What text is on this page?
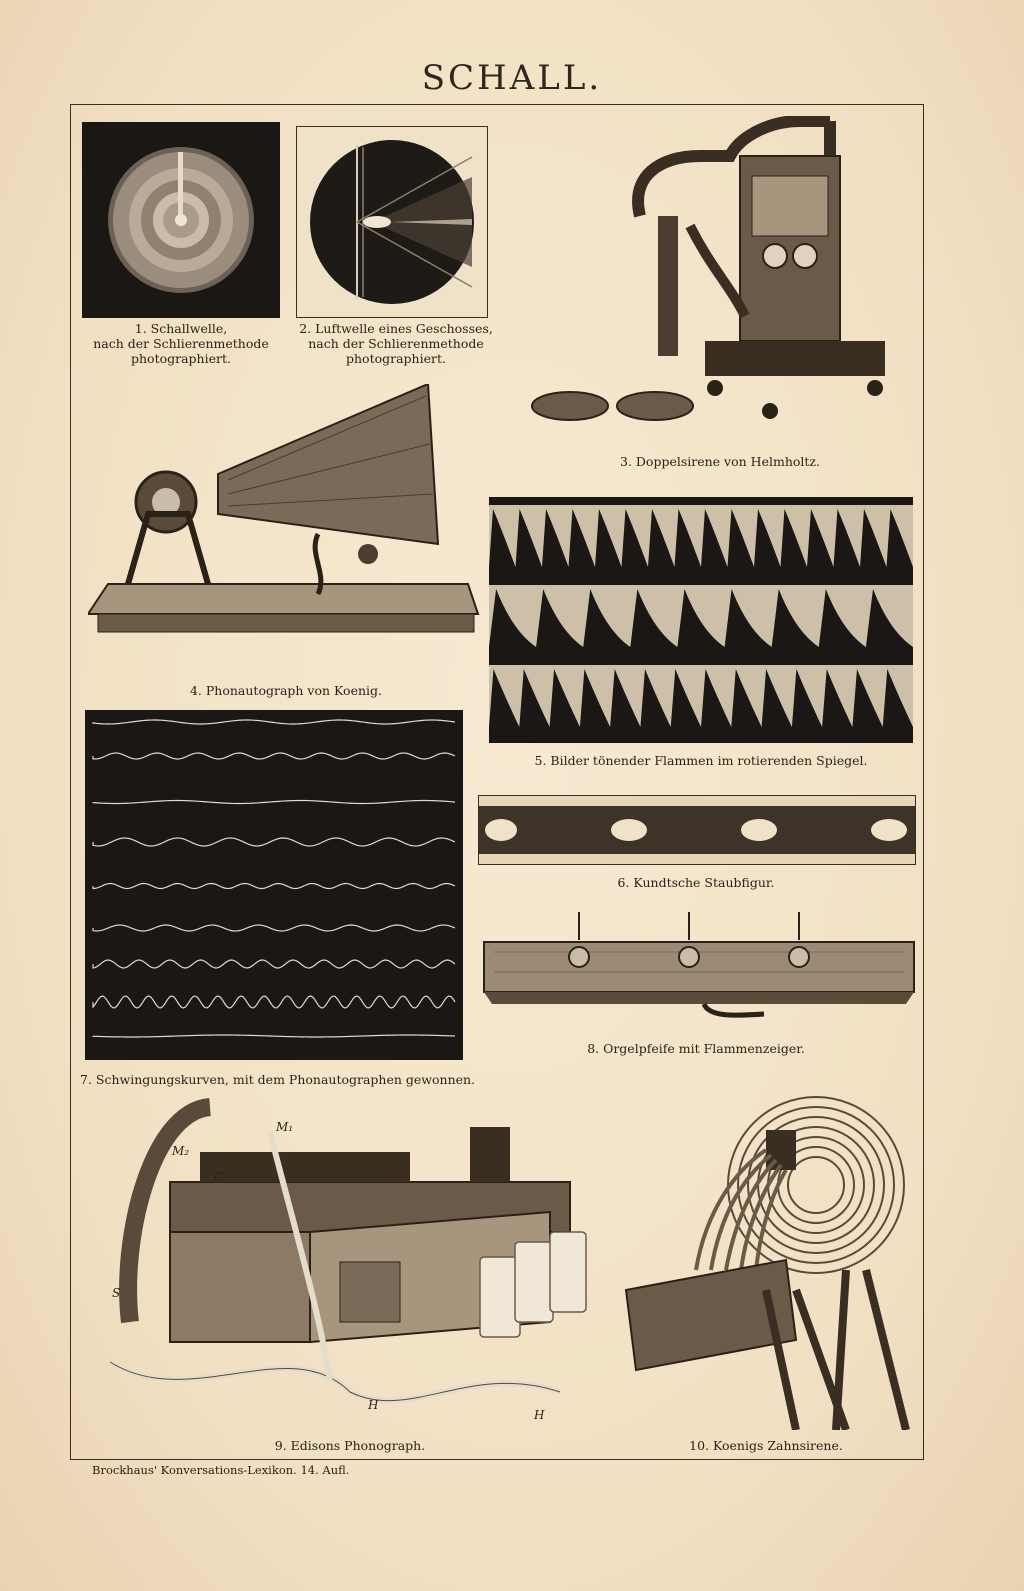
SCHALL.
1. Schallwelle,
nach der Schlierenmethode
photographiert.
2. Luftwelle eines Geschosses,
nach der Schlierenmethode
photographiert.
3. Doppelsirene von Helmholtz.
4. Phonautograph von Koenig.
5. Bilder tönender Flammen im rotierenden Spiegel.
7. Schwingungskurven, mit dem Phonautographen gewonnen.
6. Kundtsche Staubfigur.
8. Orgelpfeife mit Flammenzeiger.
M₂
M₁
C
S
H
H
9. Edisons Phonograph.	10. Koenigs Zahnsirene.
Brockhaus' Konversations-Lexikon. 14. Aufl.
